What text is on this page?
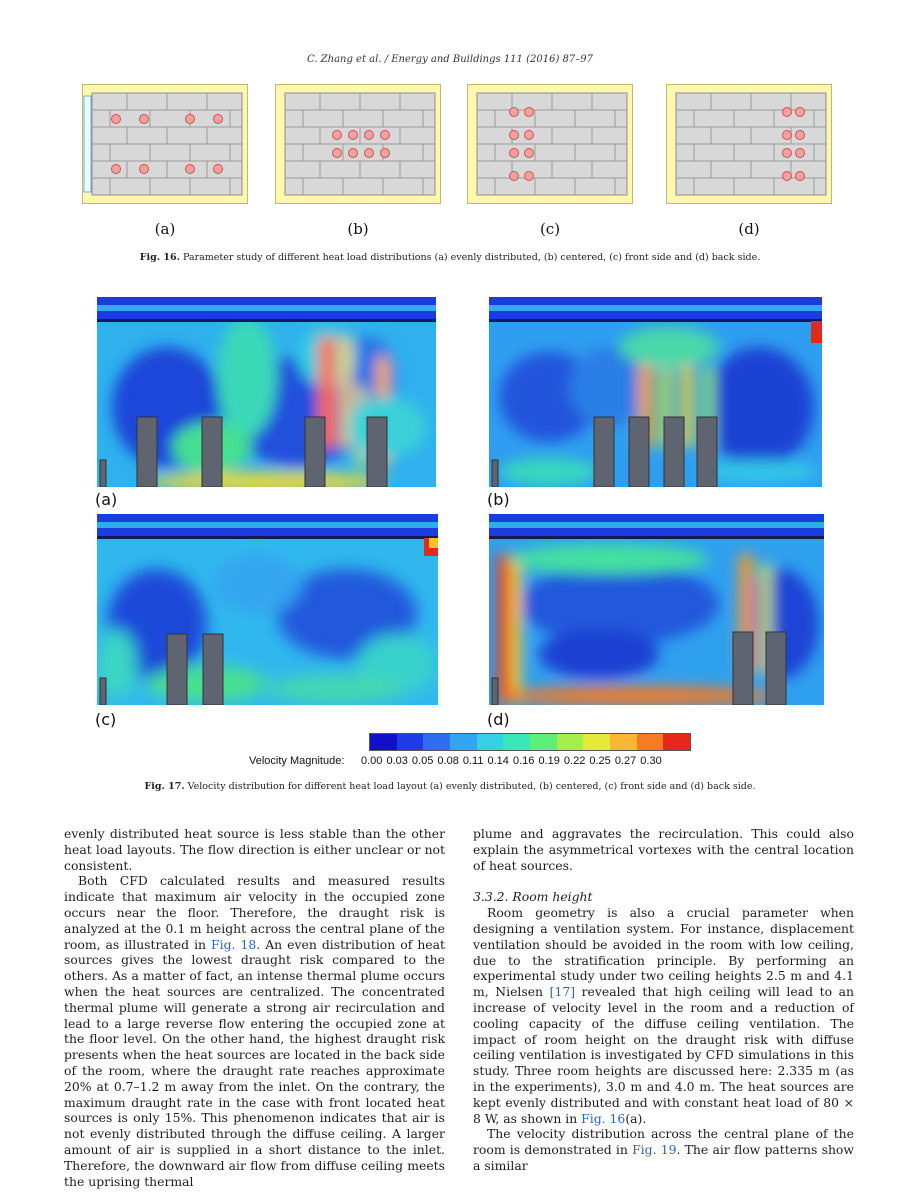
C. Zhang et al. / Energy and Buildings 111 (2016) 87–97
(a)	(b)	(c)	(d)
Fig. 16. Parameter study of different heat load distributions (a) evenly distributed, (b) centered, (c) front side and (d) back side.
(a)	(b)
(c)	(d)
Velocity Magnitude: 0.00 0.03 0.05 0.08 0.11 0.14 0.16 0.19 0.22 0.25 0.27 0.30
Fig. 17. Velocity distribution for different heat load layout (a) evenly distributed, (b) centered, (c) front side and (d) back side.

evenly distributed heat source is less stable than the other heat load layouts. The flow direction is either unclear or not consistent.

Both CFD calculated results and measured results indicate that maximum air velocity in the occupied zone occurs near the floor. Therefore, the draught risk is analyzed at the 0.1 m height across the central plane of the room, as illustrated in Fig. 18. An even distribution of heat sources gives the lowest draught risk compared to the others. As a matter of fact, an intense thermal plume occurs when the heat sources are centralized. The concentrated thermal plume will generate a strong air recirculation and lead to a large reverse flow entering the occupied zone at the floor level. On the other hand, the highest draught risk presents when the heat sources are located in the back side of the room, where the draught rate reaches approximate 20% at 0.7–1.2 m away from the inlet. On the contrary, the maximum draught rate in the case with front located heat sources is only 15%. This phenomenon indicates that air is not evenly distributed through the diffuse ceiling. A larger amount of air is supplied in a short distance to the inlet. Therefore, the downward air flow from diffuse ceiling meets the uprising thermal

plume and aggravates the recirculation. This could also explain the asymmetrical vortexes with the central location of heat sources.

3.3.2. Room height

Room geometry is also a crucial parameter when designing a ventilation system. For instance, displacement ventilation should be avoided in the room with low ceiling, due to the stratification principle. By performing an experimental study under two ceiling heights 2.5 m and 4.1 m, Nielsen [17] revealed that high ceiling will lead to an increase of velocity level in the room and a reduction of cooling capacity of the diffuse ceiling ventilation. The impact of room height on the draught risk with diffuse ceiling ventilation is investigated by CFD simulations in this study. Three room heights are discussed here: 2.335 m (as in the experiments), 3.0 m and 4.0 m. The heat sources are kept evenly distributed and with constant heat load of 80 × 8 W, as shown in Fig. 16(a).

The velocity distribution across the central plane of the room is demonstrated in Fig. 19. The air flow patterns show a similar
